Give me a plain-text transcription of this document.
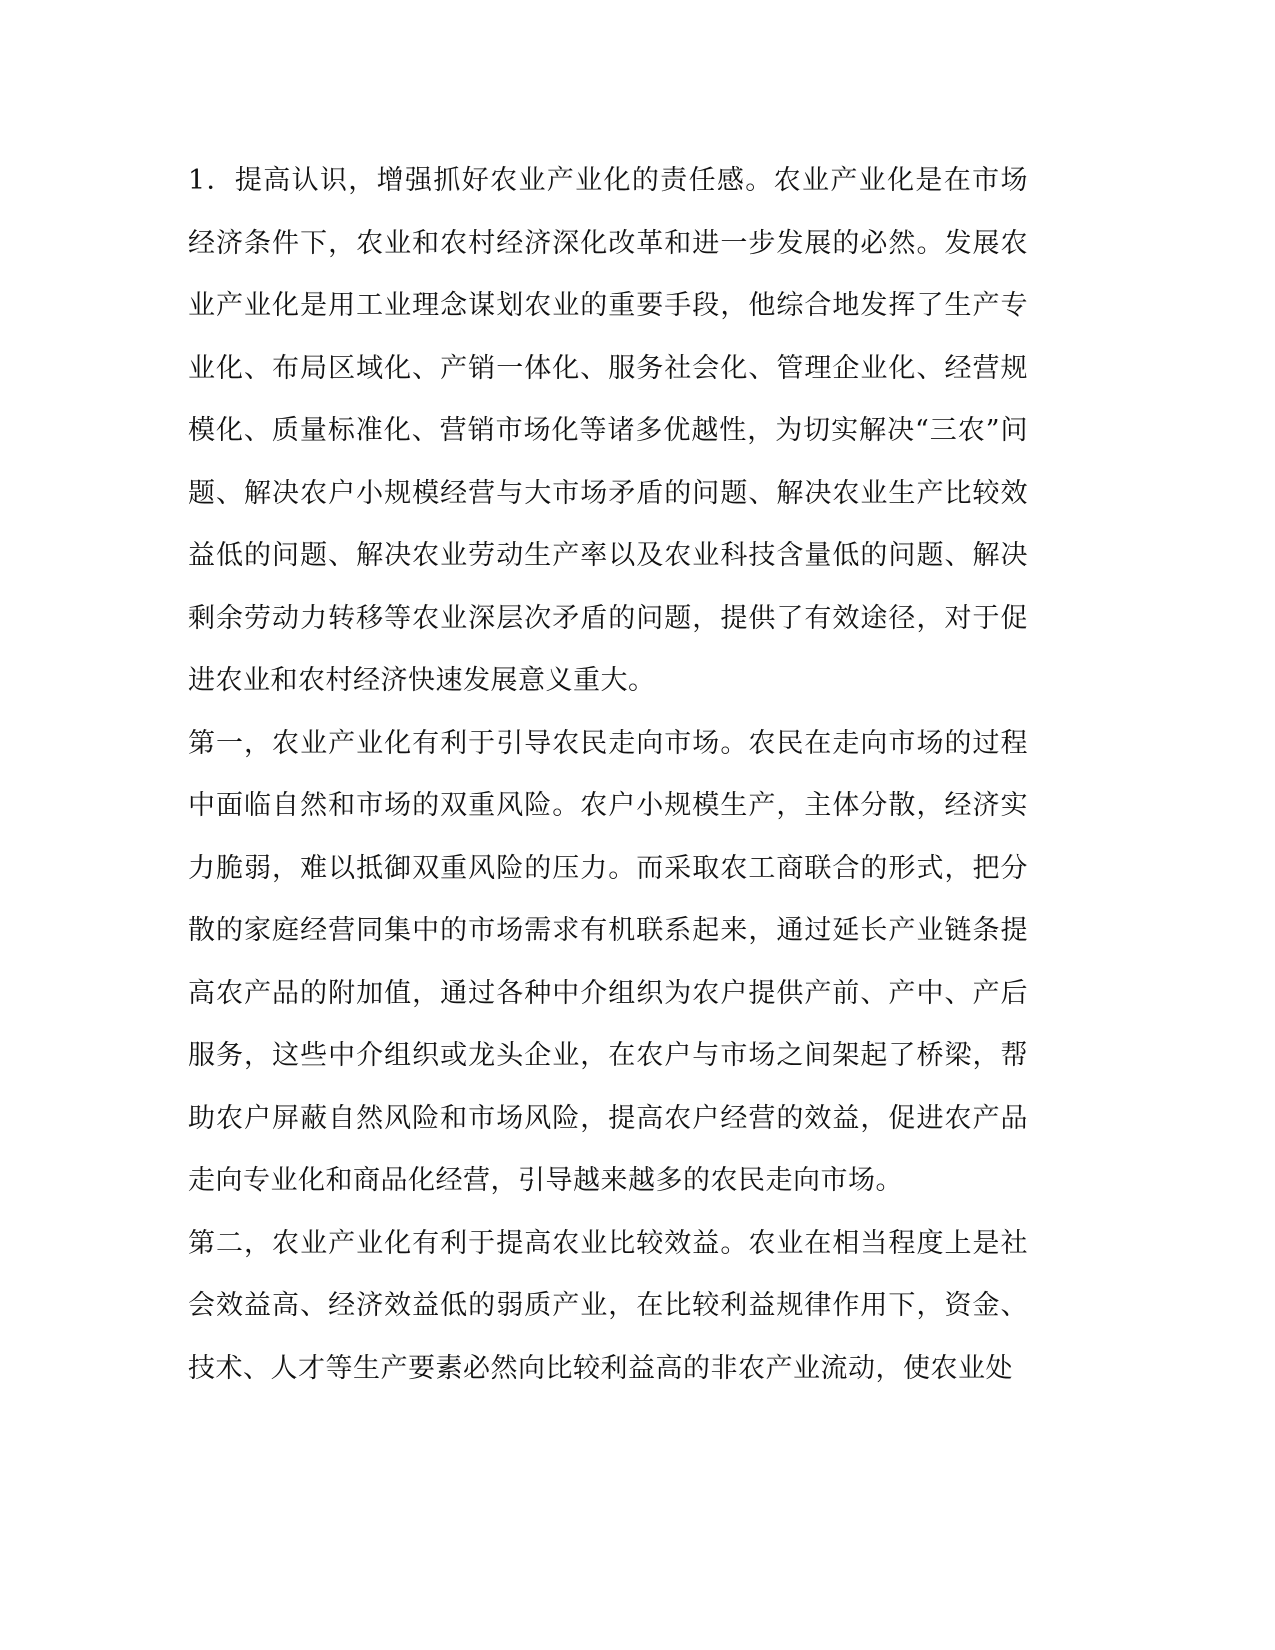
1．提高认识，增强抓好农业产业化的责任感。农业产业化是在市场经济条件下，农业和农村经济深化改革和进一步发展的必然。发展农业产业化是用工业理念谋划农业的重要手段，他综合地发挥了生产专业化、布局区域化、产销一体化、服务社会化、管理企业化、经营规模化、质量标准化、营销市场化等诸多优越性，为切实解决“三农”问题、解决农户小规模经营与大市场矛盾的问题、解决农业生产比较效益低的问题、解决农业劳动生产率以及农业科技含量低的问题、解决剩余劳动力转移等农业深层次矛盾的问题，提供了有效途径，对于促进农业和农村经济快速发展意义重大。

第一，农业产业化有利于引导农民走向市场。农民在走向市场的过程中面临自然和市场的双重风险。农户小规模生产，主体分散，经济实力脆弱，难以抵御双重风险的压力。而采取农工商联合的形式，把分散的家庭经营同集中的市场需求有机联系起来，通过延长产业链条提高农产品的附加值，通过各种中介组织为农户提供产前、产中、产后服务，这些中介组织或龙头企业，在农户与市场之间架起了桥梁，帮助农户屏蔽自然风险和市场风险，提高农户经营的效益，促进农产品走向专业化和商品化经营，引导越来越多的农民走向市场。

第二，农业产业化有利于提高农业比较效益。农业在相当程度上是社会效益高、经济效益低的弱质产业，在比较利益规律作用下，资金、技术、人才等生产要素必然向比较利益高的非农产业流动，使农业处
